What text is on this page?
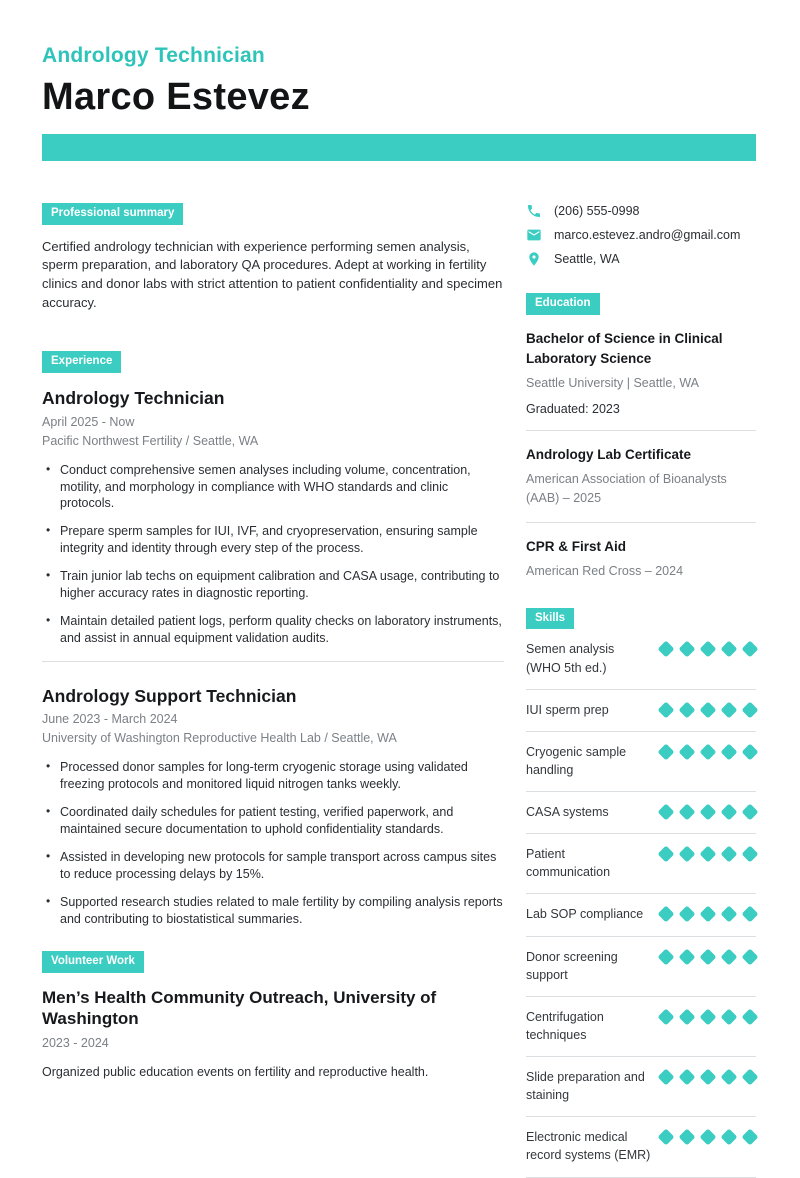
Andrology Technician
Marco Estevez
Professional summary

Certified andrology technician with experience performing semen analysis, sperm preparation, and laboratory QA procedures. Adept at working in fertility clinics and donor labs with strict attention to patient confidentiality and specimen accuracy.

Experience
Andrology Technician
April 2025 - Now
Pacific Northwest Fertility / Seattle, WA
• Conduct comprehensive semen analyses including volume, concentration, motility, and morphology in compliance with WHO standards and clinic protocols.
• Prepare sperm samples for IUI, IVF, and cryopreservation, ensuring sample integrity and identity through every step of the process.
• Train junior lab techs on equipment calibration and CASA usage, contributing to higher accuracy rates in diagnostic reporting.
• Maintain detailed patient logs, perform quality checks on laboratory instruments, and assist in annual equipment validation audits.
Andrology Support Technician
June 2023 - March 2024
University of Washington Reproductive Health Lab / Seattle, WA
• Processed donor samples for long-term cryogenic storage using validated freezing protocols and monitored liquid nitrogen tanks weekly.
• Coordinated daily schedules for patient testing, verified paperwork, and maintained secure documentation to uphold confidentiality standards.
• Assisted in developing new protocols for sample transport across campus sites to reduce processing delays by 15%.
• Supported research studies related to male fertility by compiling analysis reports and contributing to biostatistical summaries.
Volunteer Work
Men’s Health Community Outreach, University of Washington
2023 - 2024

Organized public education events on fertility and reproductive health.

(206) 555-0998
marco.estevez.andro@gmail.com
Seattle, WA
Education
Bachelor of Science in Clinical Laboratory Science
Seattle University | Seattle, WA
Graduated: 2023
Andrology Lab Certificate
American Association of Bioanalysts (AAB) – 2025
CPR & First Aid
American Red Cross – 2024
Skills
Semen analysis (WHO 5th ed.)
IUI sperm prep
Cryogenic sample handling
CASA systems
Patient communication
Lab SOP compliance
Donor screening support
Centrifugation techniques
Slide preparation and staining
Electronic medical record systems (EMR)
